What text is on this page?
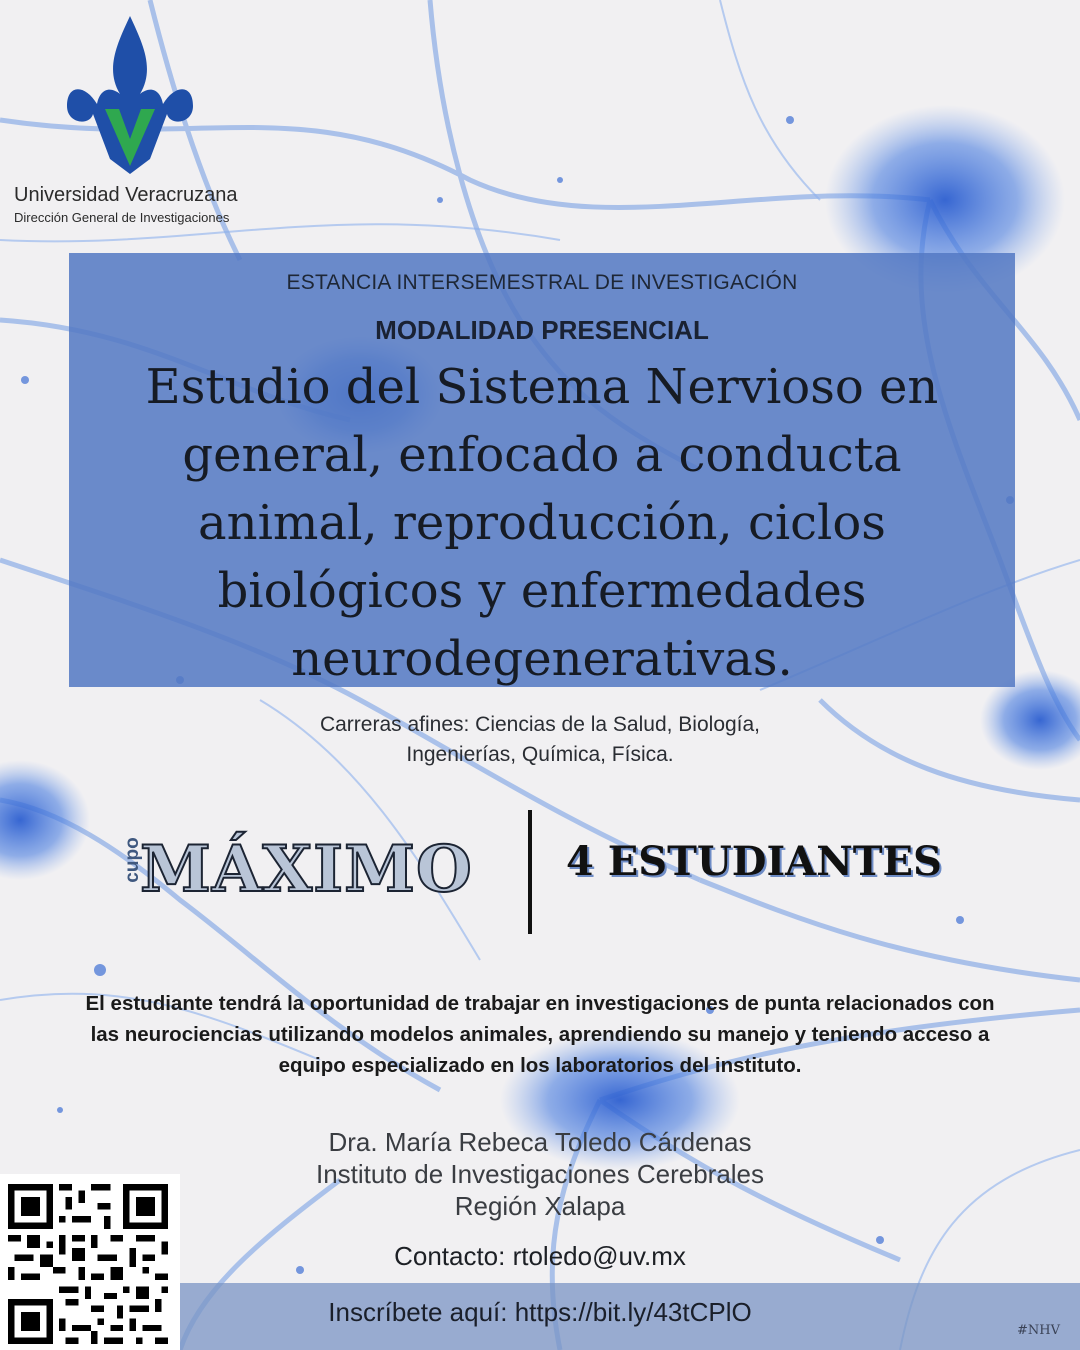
Universidad Veracruzana
Dirección General de Investigaciones
ESTANCIA INTERSEMESTRAL DE INVESTIGACIÓN
MODALIDAD PRESENCIAL
Estudio del Sistema Nervioso en general, enfocado a conducta animal, reproducción, ciclos biológicos y enfermedades neurodegenerativas.
Carreras afines: Ciencias de la Salud, Biología,
Ingenierías, Química, Física.
cupo
MÁXIMO 4 ESTUDIANTES
El estudiante tendrá la oportunidad de trabajar en investigaciones de punta relacionados con las neurociencias utilizando modelos animales, aprendiendo su manejo y teniendo acceso a equipo especializado en los laboratorios del instituto.
Dra. María Rebeca Toledo Cárdenas
Instituto de Investigaciones Cerebrales
Región Xalapa
Contacto: rtoledo@uv.mx
Inscríbete aquí: https://bit.ly/43tCPlO
#NHV
